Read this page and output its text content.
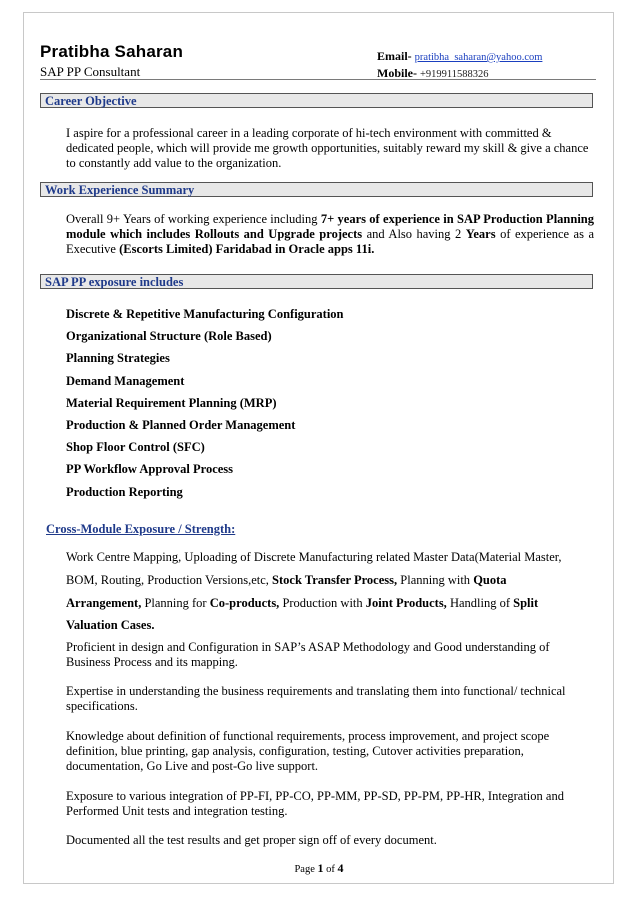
Pratibha Saharan
SAP PP Consultant
Email- pratibha_saharan@yahoo.com
Mobile- +919911588326
Career Objective
I aspire for a professional career in a leading corporate of hi-tech environment with committed & dedicated people, which will provide me growth opportunities, suitably reward my skill & give a chance to constantly add value to the organization.
Work Experience Summary
Overall 9+ Years of working experience including 7+ years of experience in SAP Production Planning module which includes Rollouts and Upgrade projects and Also having 2 Years of experience as a Executive (Escorts Limited) Faridabad in Oracle apps 11i.
SAP PP exposure includes
Discrete & Repetitive Manufacturing Configuration
Organizational Structure (Role Based)
Planning Strategies
Demand Management
Material Requirement Planning (MRP)
Production & Planned Order Management
Shop Floor Control (SFC)
PP Workflow Approval Process
Production Reporting
Cross-Module Exposure / Strength:
Work Centre Mapping, Uploading of Discrete Manufacturing related Master Data(Material Master,
BOM, Routing, Production Versions,etc, Stock Transfer Process, Planning with Quota
Arrangement, Planning for Co-products, Production with Joint Products, Handling of Split
Valuation Cases.
Proficient in design and Configuration in SAP’s ASAP Methodology and Good understanding of Business Process and its mapping.
Expertise in understanding the business requirements and translating them into functional/ technical specifications.
Knowledge about definition of functional requirements, process improvement, and project scope definition, blue printing, gap analysis, configuration, testing, Cutover activities preparation, documentation, Go Live and post-Go live support.
Exposure to various integration of PP-FI, PP-CO, PP-MM, PP-SD, PP-PM, PP-HR, Integration and Performed Unit tests and integration testing.
Documented all the test results and get proper sign off of every document.
Page 1 of 4
